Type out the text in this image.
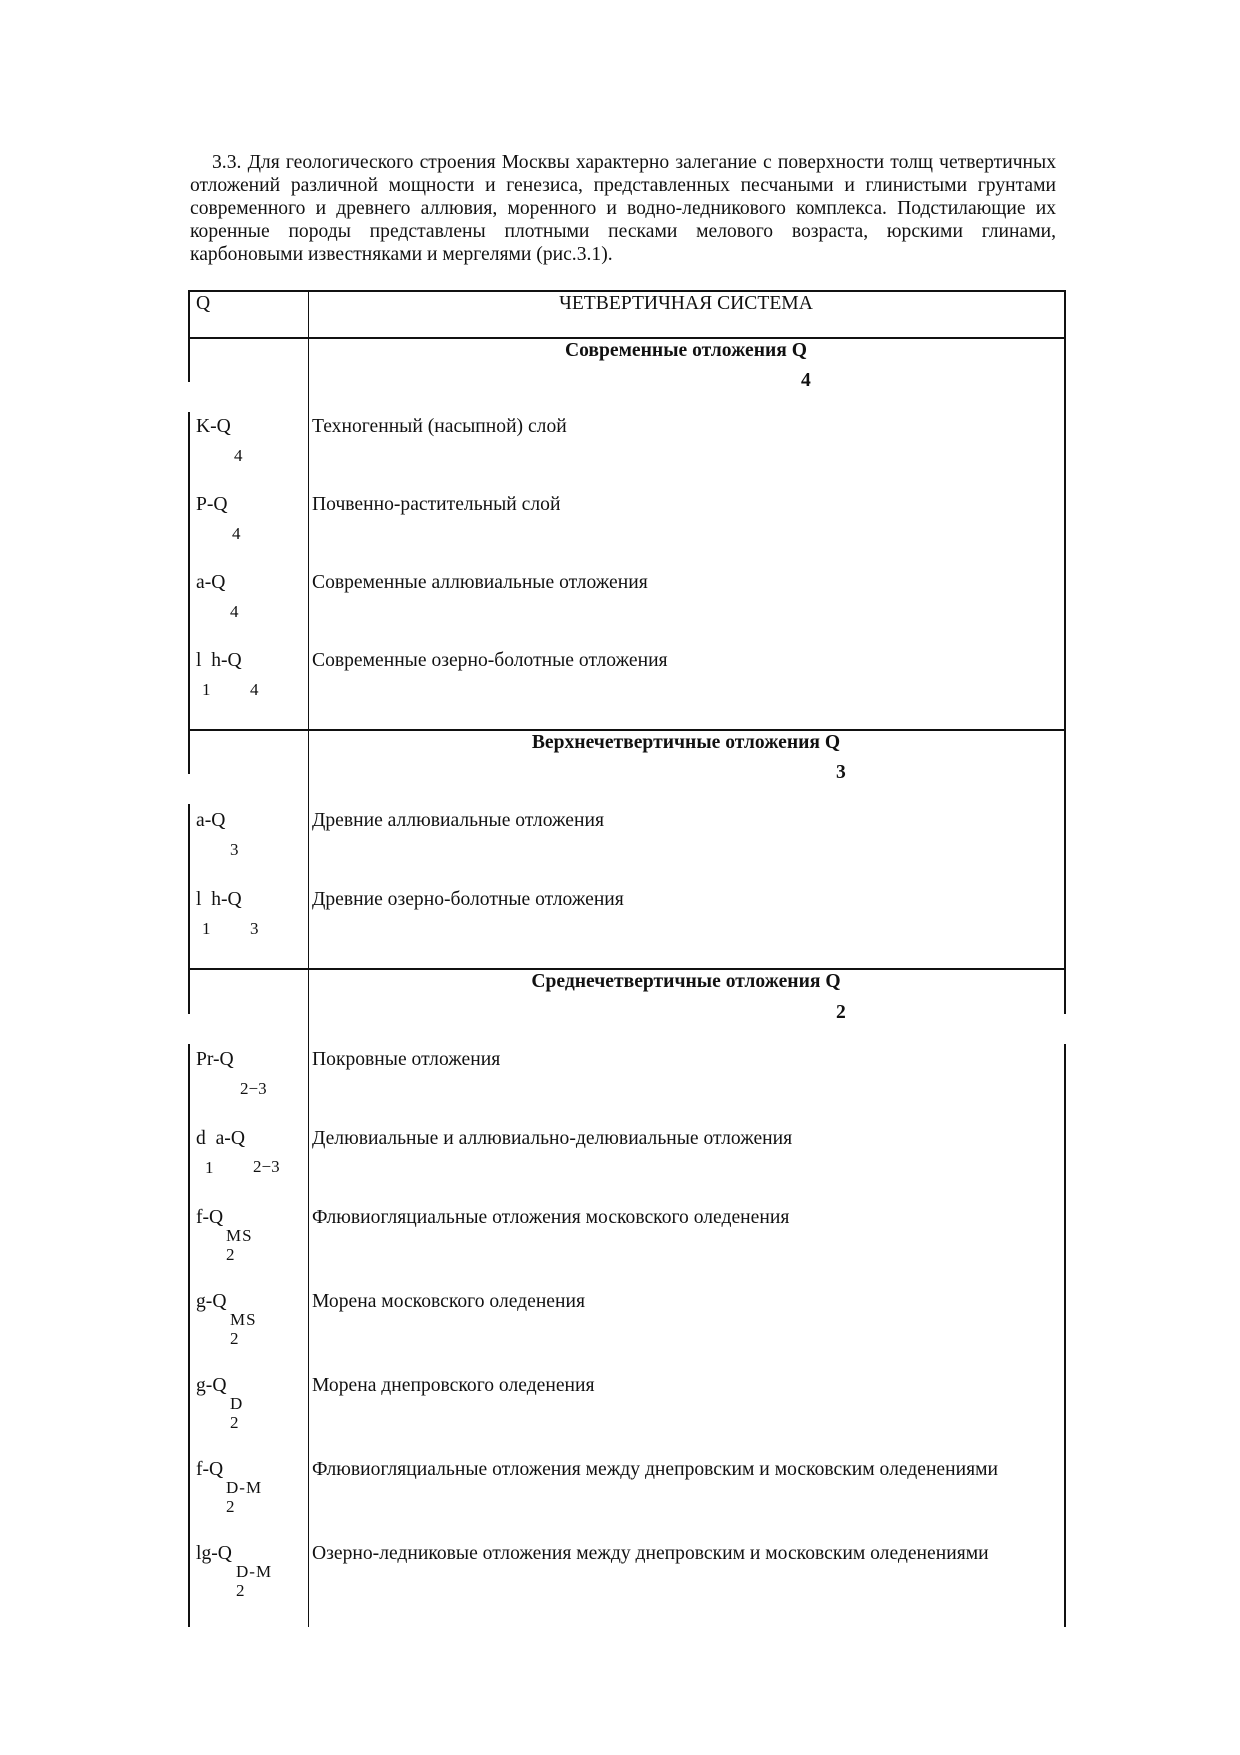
3.3. Для геологического строения Москвы характерно залегание с поверхности толщ четвертичных отложений различной мощности и генезиса, представленных песчаными и глинистыми грунтами современного и древнего аллювия, моренного и водно-ледникового комплекса. Подстилающие их коренные породы представлены плотными песками мелового возраста, юрскими глинами, карбоновыми известняками и мергелями (рис.3.1).

Q	ЧЕТВЕРТИЧНАЯ СИСТЕМА
Современные отложения Q
4
K-Q
4
Техногенный (насыпной) слой
P-Q
4
Почвенно-растительный слой
a-Q
4
Современные аллювиальные отложения
l  h-Q
1 4
Современные озерно-болотные отложения
Верхнечетвертичные отложения Q
3
a-Q
3
Древние аллювиальные отложения
l  h-Q
1 3
Древние озерно-болотные отложения
Среднечетвертичные отложения Q
2
Pr-Q
2−3
Покровные отложения
d  a-Q
1 2−3
Делювиальные и аллювиально-делювиальные отложения
f-Q
MS
2
Флювиогляциальные отложения московского оледенения
g-Q
MS
2
Морена московского оледенения
g-Q
D
2
Морена днепровского оледенения
f-Q
D-M
2
Флювиогляциальные отложения между днепровским и московским оледенениями
lg-Q
D-M
2
Озерно-ледниковые отложения между днепровским и московским оледенениями
